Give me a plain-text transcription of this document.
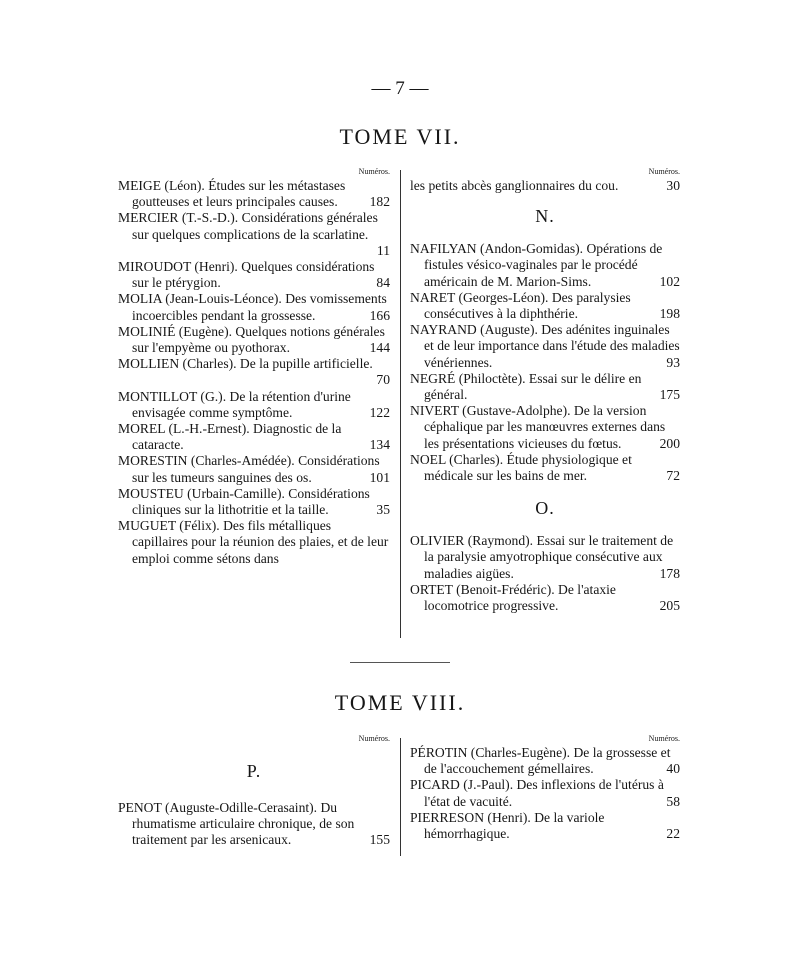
— 7 —
TOME VII.
Numéros.
MEIGE (Léon). Études sur les métastases goutteuses et leurs principales causes. 182
MERCIER (T.-S.-D.). Considérations générales sur quelques complications de la scarlatine.
11
MIROUDOT (Henri). Quelques considérations sur le ptérygion.	84
MOLIA (Jean-Louis-Léonce). Des vomissements incoercibles pendant la grossesse.	166
MOLINIÉ (Eugène). Quelques notions générales sur l'empyème ou pyothorax.	144
MOLLIEN (Charles). De la pupille artificielle.
70
MONTILLOT (G.). De la rétention d'urine envisagée comme symptôme.	122
MOREL (L.-H.-Ernest). Diagnostic de la cataracte.	134
MORESTIN (Charles-Amédée). Considérations sur les tumeurs sanguines des os.	101
MOUSTEU (Urbain-Camille). Considérations cliniques sur la lithotritie et la taille.	35
MUGUET (Félix). Des fils métalliques capillaires pour la réunion des plaies, et de leur emploi comme sétons dans
Numéros.
les petits abcès ganglionnaires du cou.	30
N.
NAFILYAN (Andon-Gomidas). Opérations de fistules vésico-vaginales par le procédé américain de M. Marion-Sims.	102
NARET (Georges-Léon). Des paralysies consécutives à la diphthérie.	198
NAYRAND (Auguste). Des adénites inguinales et de leur importance dans l'étude des maladies vénériennes.	93
NEGRÉ (Philoctète). Essai sur le délire en général.	175
NIVERT (Gustave-Adolphe). De la version céphalique par les manœuvres externes dans les présentations vicieuses du fœtus.	200
NOEL (Charles). Étude physiologique et médicale sur les bains de mer.	72
O.
OLIVIER (Raymond). Essai sur le traitement de la paralysie amyotrophique consécutive aux maladies aigües.	178
ORTET (Benoit-Frédéric). De l'ataxie locomotrice progressive.	205
TOME VIII.
Numéros.
P.
PENOT (Auguste-Odille-Cerasaint). Du rhumatisme articulaire chronique, de son traitement par les arsenicaux.	155
Numéros.
PÉROTIN (Charles-Eugène). De la grossesse et de l'accouchement gémellaires.	40
PICARD (J.-Paul). Des inflexions de l'utérus à l'état de vacuité.	58
PIERRESON (Henri). De la variole hémorrhagique.	22
